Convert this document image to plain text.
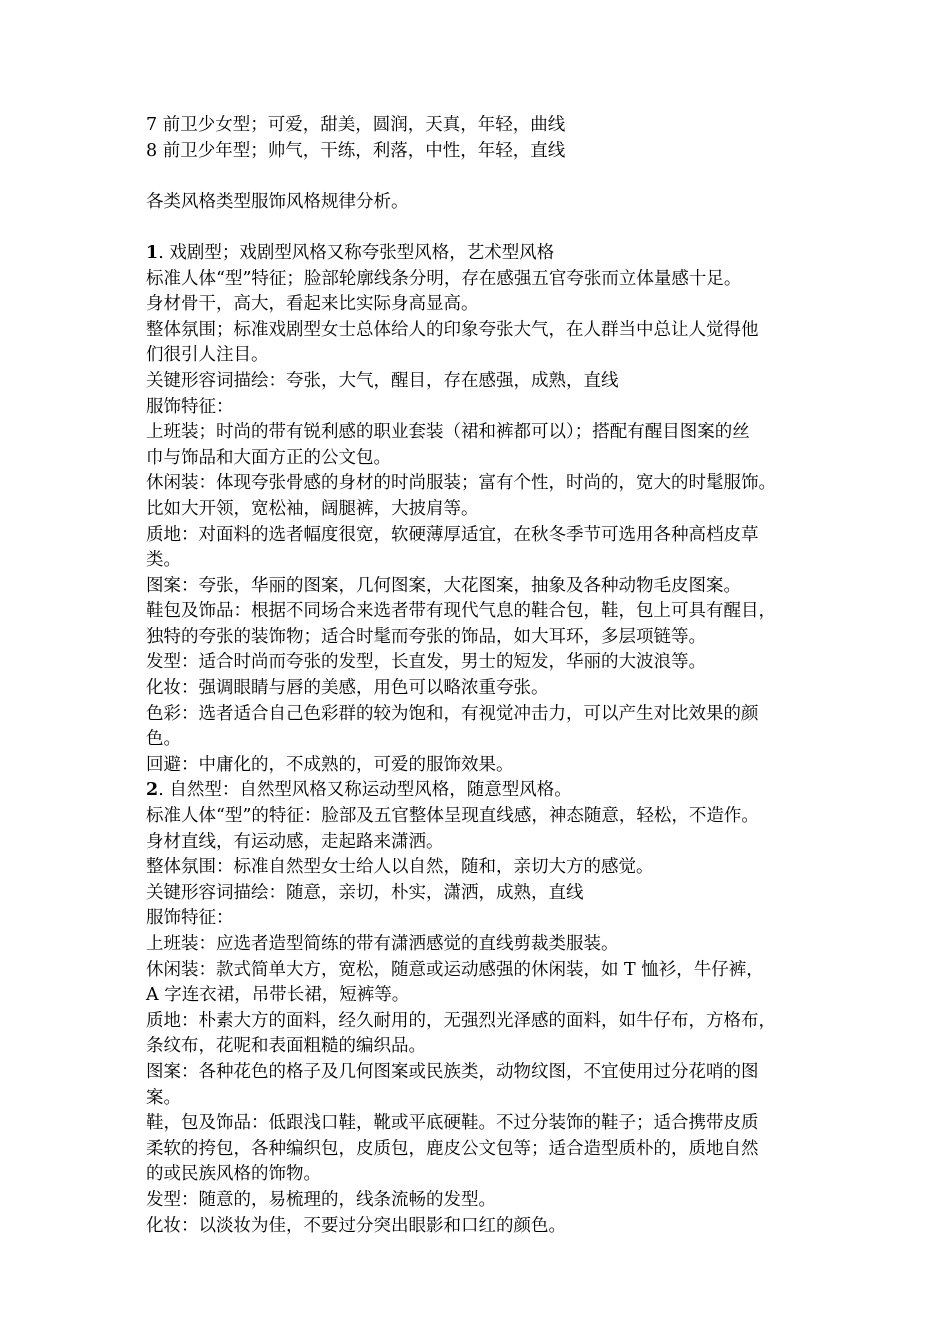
7 前卫少女型；可爱，甜美，圆润，天真，年轻，曲线
8 前卫少年型；帅气，干练，利落，中性，年轻，直线
各类风格类型服饰风格规律分析。
1. 戏剧型；戏剧型风格又称夸张型风格，艺术型风格
标准人体“型”特征；脸部轮廓线条分明，存在感强五官夸张而立体量感十足。
身材骨干，高大，看起来比实际身高显高。
整体氛围；标准戏剧型女士总体给人的印象夸张大气，在人群当中总让人觉得他
们很引人注目。
关键形容词描绘：夸张，大气，醒目，存在感强，成熟，直线
服饰特征：
上班装；时尚的带有锐利感的职业套装（裙和裤都可以）；搭配有醒目图案的丝
巾与饰品和大面方正的公文包。
休闲装：体现夸张骨感的身材的时尚服装；富有个性，时尚的，宽大的时髦服饰。
比如大开领，宽松袖，阔腿裤，大披肩等。
质地：对面料的选者幅度很宽，软硬薄厚适宜，在秋冬季节可选用各种高档皮草
类。
图案：夸张，华丽的图案，几何图案，大花图案，抽象及各种动物毛皮图案。
鞋包及饰品：根据不同场合来选者带有现代气息的鞋合包，鞋，包上可具有醒目，
独特的夸张的装饰物；适合时髦而夸张的饰品，如大耳环，多层项链等。
发型：适合时尚而夸张的发型，长直发，男士的短发，华丽的大波浪等。
化妆：强调眼睛与唇的美感，用色可以略浓重夸张。
色彩：选者适合自己色彩群的较为饱和，有视觉冲击力，可以产生对比效果的颜
色。
回避：中庸化的，不成熟的，可爱的服饰效果。
2. 自然型：自然型风格又称运动型风格，随意型风格。
标准人体“型”的特征：脸部及五官整体呈现直线感，神态随意，轻松，不造作。
身材直线，有运动感，走起路来潇洒。
整体氛围：标准自然型女士给人以自然，随和，亲切大方的感觉。
关键形容词描绘：随意，亲切，朴实，潇洒，成熟，直线
服饰特征：
上班装：应选者造型简练的带有潇洒感觉的直线剪裁类服装。
休闲装：款式简单大方，宽松，随意或运动感强的休闲装，如 T 恤衫，牛仔裤，
A 字连衣裙，吊带长裙，短裤等。
质地：朴素大方的面料，经久耐用的，无强烈光泽感的面料，如牛仔布，方格布，
条纹布，花呢和表面粗糙的编织品。
图案：各种花色的格子及几何图案或民族类，动物纹图，不宜使用过分花哨的图
案。
鞋，包及饰品：低跟浅口鞋，靴或平底硬鞋。不过分装饰的鞋子；适合携带皮质
柔软的挎包，各种编织包，皮质包，鹿皮公文包等；适合造型质朴的，质地自然
的或民族风格的饰物。
发型：随意的，易梳理的，线条流畅的发型。
化妆：以淡妆为佳，不要过分突出眼影和口红的颜色。
